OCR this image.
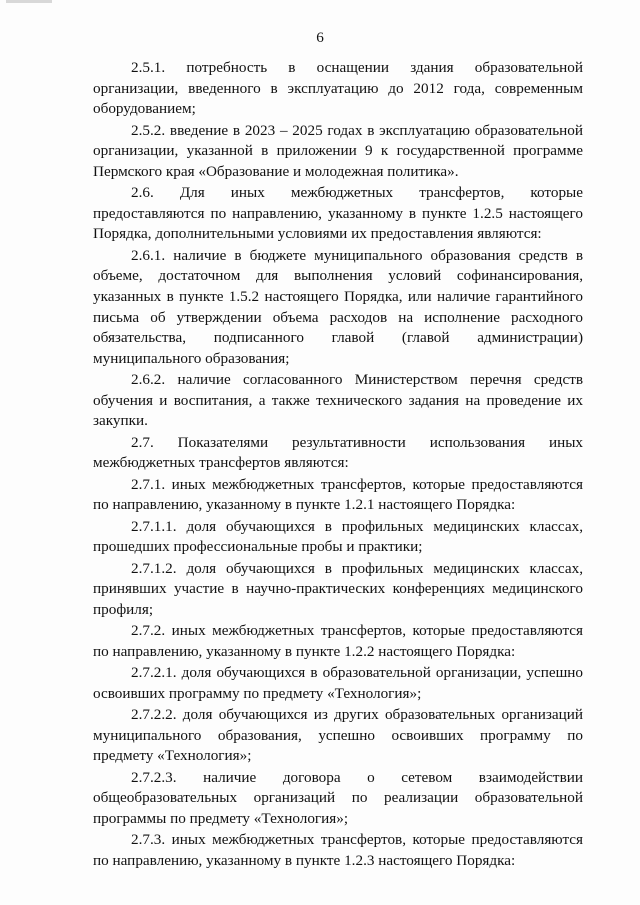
6

2.5.1. потребность в оснащении здания образовательной организации, введенного в эксплуатацию до 2012 года, современным оборудованием;

2.5.2. введение в 2023 – 2025 годах в эксплуатацию образовательной организации, указанной в приложении 9 к государственной программе Пермского края «Образование и молодежная политика».

2.6. Для иных межбюджетных трансфертов, которые предоставляются по направлению, указанному в пункте 1.2.5 настоящего Порядка, дополнительными условиями их предоставления являются:

2.6.1. наличие в бюджете муниципального образования средств в объеме, достаточном для выполнения условий софинансирования, указанных в пункте 1.5.2 настоящего Порядка, или наличие гарантийного письма об утверждении объема расходов на исполнение расходного обязательства, подписанного главой (главой администрации) муниципального образования;

2.6.2. наличие согласованного Министерством перечня средств обучения и воспитания, а также технического задания на проведение их закупки.

2.7. Показателями результативности использования иных межбюджетных трансфертов являются:

2.7.1. иных межбюджетных трансфертов, которые предоставляются по направлению, указанному в пункте 1.2.1 настоящего Порядка:

2.7.1.1. доля обучающихся в профильных медицинских классах, прошедших профессиональные пробы и практики;

2.7.1.2. доля обучающихся в профильных медицинских классах, принявших участие в научно-практических конференциях медицинского профиля;

2.7.2. иных межбюджетных трансфертов, которые предоставляются по направлению, указанному в пункте 1.2.2 настоящего Порядка:

2.7.2.1. доля обучающихся в образовательной организации, успешно освоивших программу по предмету «Технология»;

2.7.2.2. доля обучающихся из других образовательных организаций муниципального образования, успешно освоивших программу по предмету «Технология»;

2.7.2.3. наличие договора о сетевом взаимодействии общеобразовательных организаций по реализации образовательной программы по предмету «Технология»;

2.7.3. иных межбюджетных трансфертов, которые предоставляются по направлению, указанному в пункте 1.2.3 настоящего Порядка:
